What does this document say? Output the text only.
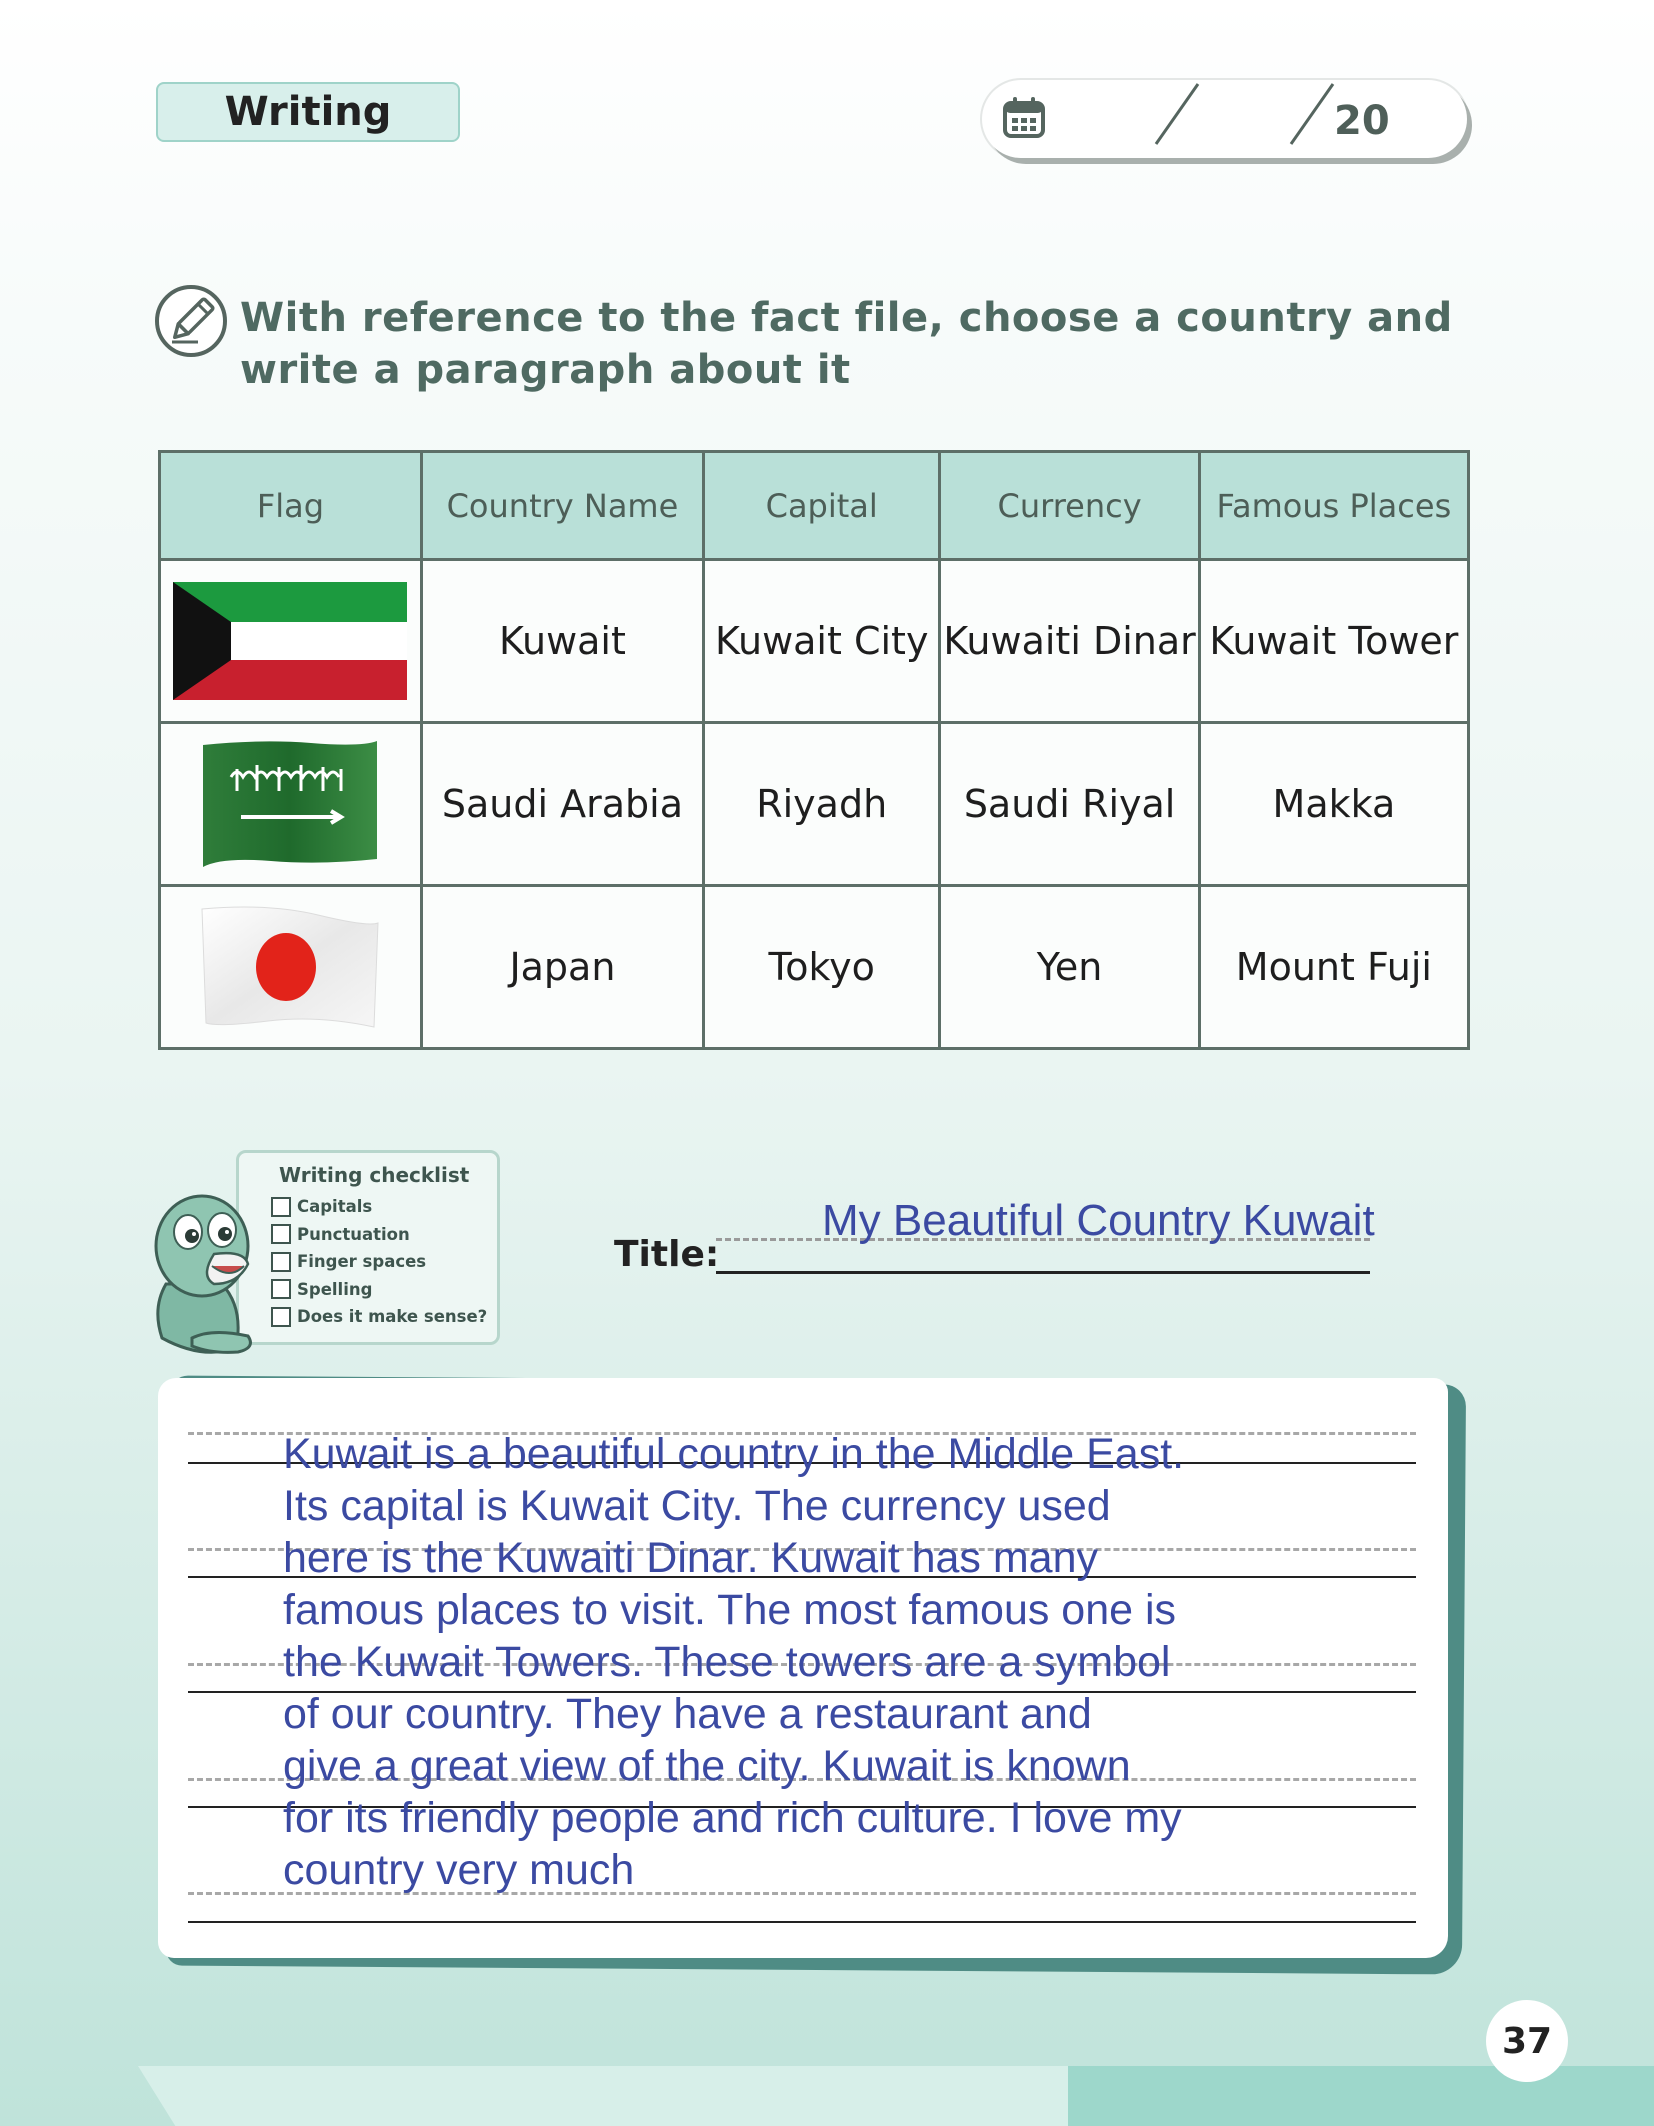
Writing	20
With reference to the fact file, choose a country and write a paragraph about it
Flag	Country Name	Capital	Currency	Famous Places

	Kuwait	Kuwait City	Kuwaiti Dinar	Kuwait Tower

	Saudi Arabia	Riyadh	Saudi Riyal	Makka

	Japan	Tokyo	Yen	Mount Fuji
Writing checklist
Capitals
Punctuation
Finger spaces
Spelling
Does it make sense?
Title:
My Beautiful Country Kuwait
Kuwait is a beautiful country in the Middle East.
Its capital is Kuwait City. The currency used
here is the Kuwaiti Dinar. Kuwait has many
famous places to visit. The most famous one is
the Kuwait Towers. These towers are a symbol
of our country. They have a restaurant and
give a great view of the city. Kuwait is known
for its friendly people and rich culture. I love my
country very much
37
